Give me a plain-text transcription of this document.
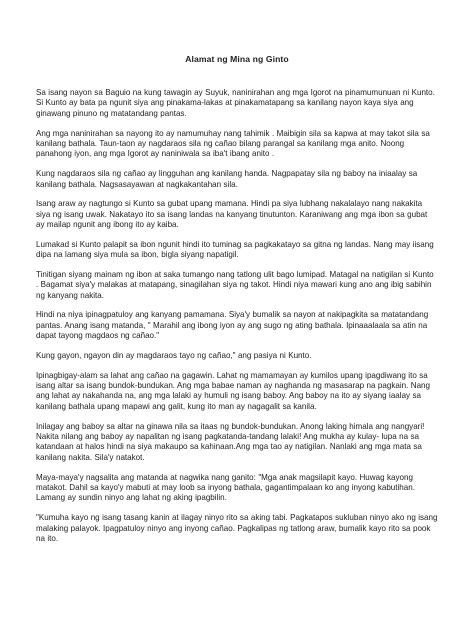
Alamat ng Mina ng Ginto

Sa isang nayon sa Baguio na kung tawagin ay Suyuk, naninirahan ang mga Igorot na pinamumunuan ni Kunto. Si Kunto ay bata pa ngunit siya ang pinakama-lakas at pinakamatapang sa kanilang nayon kaya siya ang ginawang pinuno ng matatandang pantas.

Ang mga naninirahan sa nayong ito ay namumuhay nang tahimik . Maibigin sila sa kapwa at may takot sila sa kanilang bathala. Taun-taon ay nagdaraos sila ng cañao bilang parangal sa kanilang mga anito. Noong panahong iyon, ang mga Igorot ay naniniwala sa iba't ibang anito .

Kung nagdaraos sila ng cañao ay lingguhan ang kanilang handa. Nagpapatay sila ng baboy na iniaalay sa kanilang bathala. Nagsasayawan at nagkakantahan sila.

Isang araw ay nagtungo si Kunto sa gubat upang mamana. Hindi pa siya lubhang nakalalayo nang nakakita siya ng isang uwak. Nakatayo ito sa isang landas na kanyang tinutunton. Karaniwang ang mga ibon sa gubat ay mailap ngunit ang ibong ito ay kaiba.

Lumakad si Kunto palapit sa ibon ngunit hindi ito tuminag sa pagkakatayo sa gitna ng landas. Nang may iisang dipa na lamang siya mula sa ibon, bigla siyang napatigil.

Tinitigan siyang mainam ng ibon at saka tumango nang tatlong ulit bago lumipad. Matagal na natigilan si Kunto . Bagamat siya'y malakas at matapang, sinagilahan siya ng takot. Hindi niya mawari kung ano ang ibig sabihin ng kanyang nakita.

Hindi na niya ipinagpatuloy ang kanyang pamamana. Siya'y bumalik sa nayon at nakipagkita sa matatandang pantas. Anang isang matanda, " Marahil ang ibong iyon ay ang sugo ng ating bathala. Ipinaaalaala sa atin na dapat tayong magdaos ng cañao."

Kung gayon, ngayon din ay magdaraos tayo ng cañao," ang pasiya ni Kunto.

Ipinagbigay-alam sa lahat ang cañao na gagawin. Lahat ng mamamayan ay kumilos upang ipagdiwang ito sa isang altar sa isang bundok-bundukan. Ang mga babae naman ay naghanda ng masasarap na pagkain. Nang ang lahat ay nakahanda na, ang mga lalaki ay humuli ng isang baboy. Ang baboy na ito ay siyang iaalay sa kanilang bathala upang mapawi ang galit, kung ito man ay nagagalit sa kanila.

Inilagay ang baboy sa altar na ginawa nila sa itaas ng bundok-bundukan. Anong laking himala ang nangyari! Nakita nilang ang baboy ay napalitan ng isang pagkatanda-tandang lalaki! Ang mukha ay kulay- lupa na sa katandaan at halos hindi na siya makaupo sa kahinaan.Ang mga tao ay natigilan. Nanlaki ang mga mata sa kanilang nakita. Sila'y natakot.

Maya-maya'y nagsalita ang matanda at nagwika nang ganito: "Mga anak magsilapit kayo. Huwag kayong matakot. Dahil sa kayo'y mabuti at may loob sa inyong bathala, gagantimpalaan ko ang inyong kabutihan. Lamang ay sundin ninyo ang lahat ng aking ipagbilin.

"Kumuha kayo ng isang tasang kanin at ilagay ninyo rito sa aking tabi. Pagkatapos sukluban ninyo ako ng isang malaking palayok. Ipagpatuloy ninyo ang inyong cañao. Pagkalipas ng tatlong araw, bumalik kayo rito sa pook na ito.
